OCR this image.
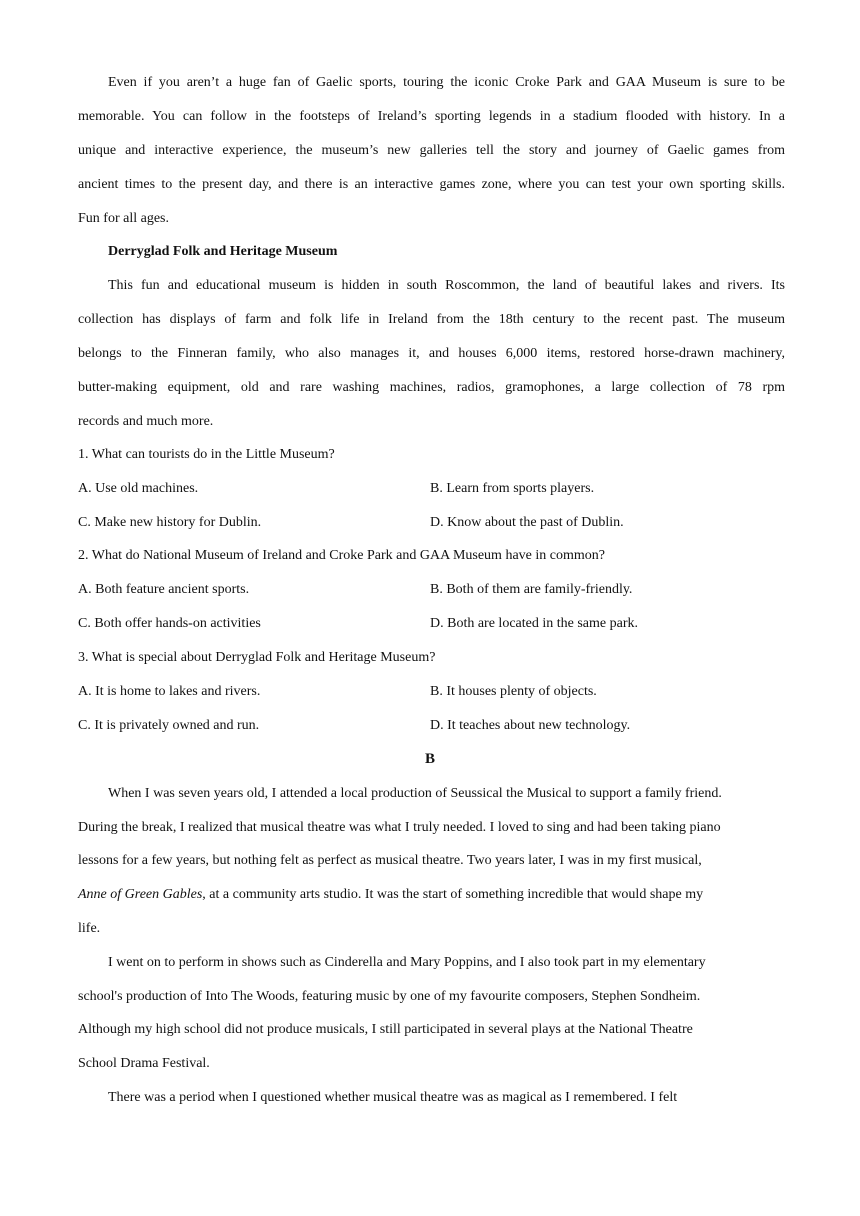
Even if you aren’t a huge fan of Gaelic sports, touring the iconic Croke Park and GAA Museum is sure to be
memorable. You can follow in the footsteps of Ireland’s sporting legends in a stadium flooded with history. In a
unique and interactive experience, the museum’s new galleries tell the story and journey of Gaelic games from
ancient times to the present day, and there is an interactive games zone, where you can test your own sporting skills.
Fun for all ages.
Derryglad Folk and Heritage Museum
This fun and educational museum is hidden in south Roscommon, the land of beautiful lakes and rivers. Its
collection has displays of farm and folk life in Ireland from the 18th century to the recent past. The museum
belongs to the Finneran family, who also manages it, and houses 6,000 items, restored horse-drawn machinery,
butter-making equipment, old and rare washing machines, radios, gramophones, a large collection of 78 rpm
records and much more.
1. What can tourists do in the Little Museum?
A. Use old machines.	B. Learn from sports players.
C. Make new history for Dublin.	D. Know about the past of Dublin.
2. What do National Museum of Ireland and Croke Park and GAA Museum have in common?
A. Both feature ancient sports.	B. Both of them are family-friendly.
C. Both offer hands-on activities	D. Both are located in the same park.
3. What is special about Derryglad Folk and Heritage Museum?
A. It is home to lakes and rivers.	B. It houses plenty of objects.
C. It is privately owned and run.	D. It teaches about new technology.
B
When I was seven years old, I attended a local production of Seussical the Musical to support a family friend.
During the break, I realized that musical theatre was what I truly needed. I loved to sing and had been taking piano
lessons for a few years, but nothing felt as perfect as musical theatre. Two years later, I was in my first musical,
Anne of Green Gables, at a community arts studio. It was the start of something incredible that would shape my
life.
I went on to perform in shows such as Cinderella and Mary Poppins, and I also took part in my elementary
school's production of Into The Woods, featuring music by one of my favourite composers, Stephen Sondheim.
Although my high school did not produce musicals, I still participated in several plays at the National Theatre
School Drama Festival.
There was a period when I questioned whether musical theatre was as magical as I remembered. I felt
